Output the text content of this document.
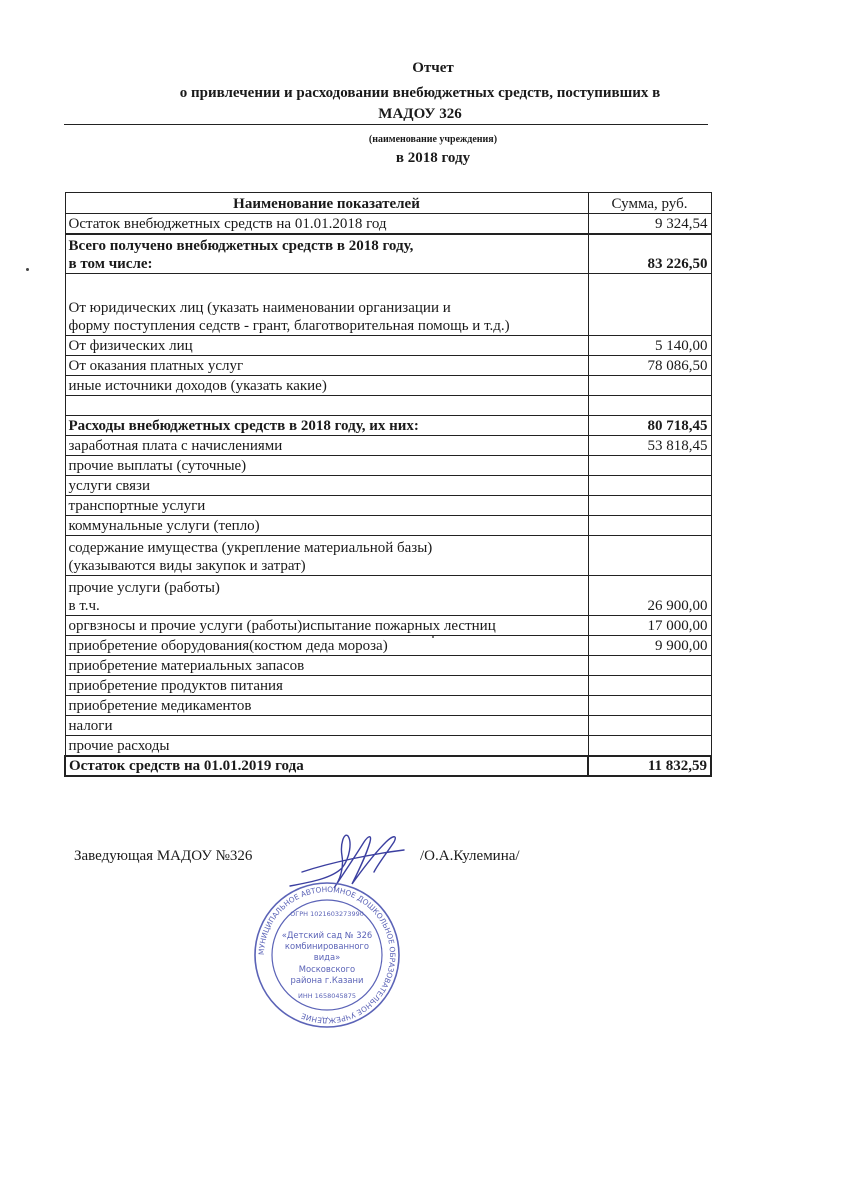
Отчет
о привлечении и расходовании внебюджетных средств, поступивших в
МАДОУ 326
(наименование учреждения)
в 2018 году
Наименование показателей	Сумма, руб.
Остаток внебюджетных средств на 01.01.2018 год	9 324,54

Всего получено внебюджетных средств в 2018 году,
в том числе:	83 226,50

От юридических лиц (указать наименовании организации и
форму поступления седств - грант, благотворительная помощь и т.д.)	

От физических лиц	5 140,00
От оказания платных услуг	78 086,50
иные источники доходов (указать какие)	

Расходы внебюджетных средств в 2018 году, их них:	80 718,45
заработная плата с начислениями	53 818,45
прочие выплаты (суточные)	
услуги связи	
транспортные услуги	
коммунальные услуги (тепло)	

содержание имущества (укрепление материальной базы)
(указываются виды закупок и затрат)	

прочие услуги (работы)
в т.ч.	26 900,00
оргвзносы и прочие услуги (работы)испытание пожарных лестниц	17 000,00
приобретение оборудования(костюм деда мороза)	9 900,00
приобретение материальных запасов	
приобретение продуктов питания	
приобретение медикаментов	
налоги	
прочие расходы	
Остаток средств на 01.01.2019 года	11 832,59
Заведующая МАДОУ №326	/О.А.Кулемина/
МУНИЦИПАЛЬНОЕ АВТОНОМНОЕ ДОШКОЛЬНОЕ ОБРАЗОВАТЕЛЬНОЕ УЧРЕЖДЕНИЕ
ОГРН 1021603273990
«Детский сад № 326
комбинированного
вида»
Московского
района г.Казани
ИНН 1658045875
